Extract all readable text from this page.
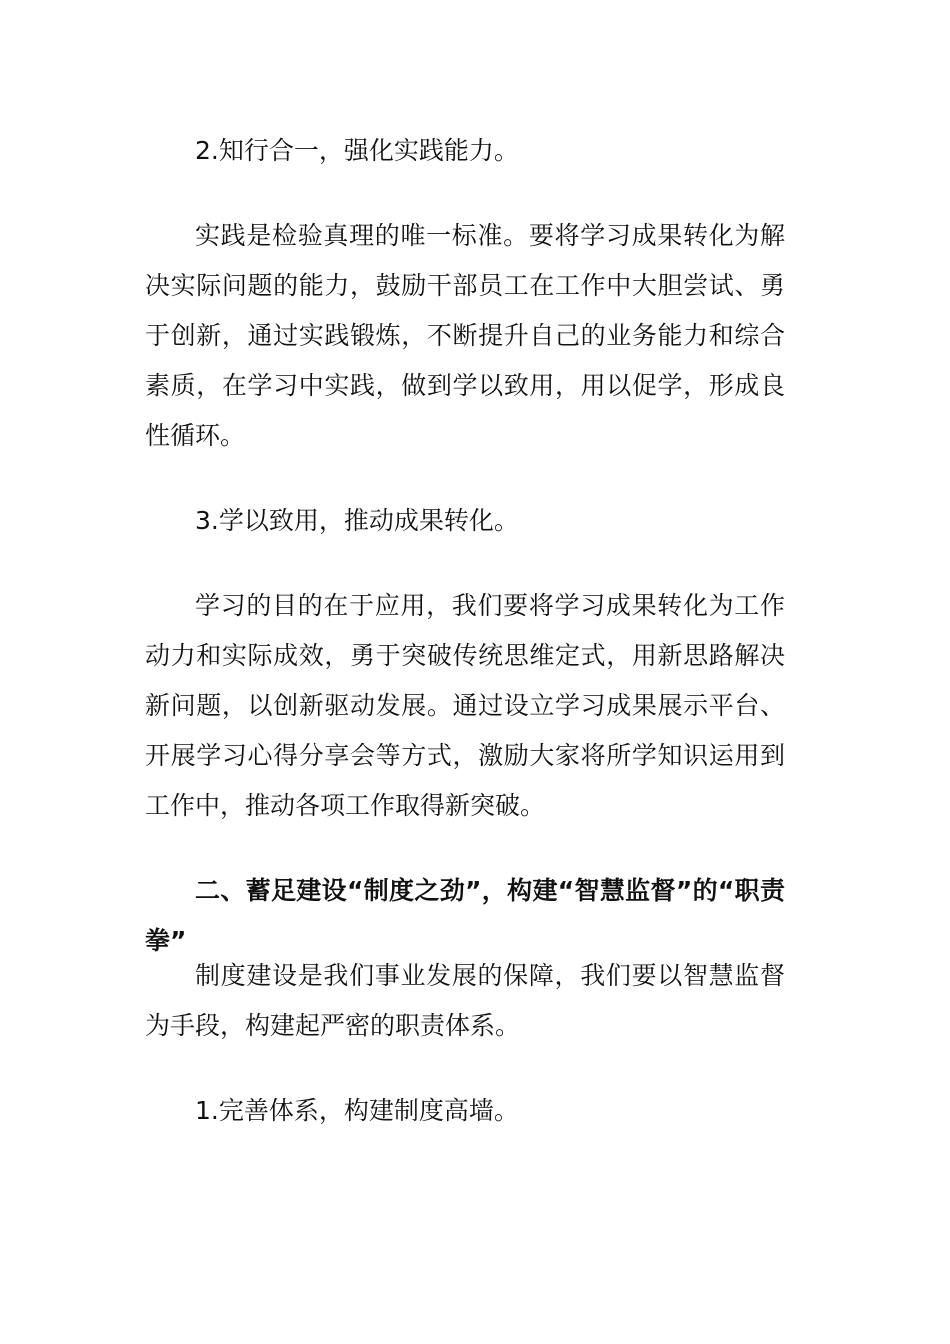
2.知行合一，强化实践能力。

实践是检验真理的唯一标准。要将学习成果转化为解决实际问题的能力，鼓励干部员工在工作中大胆尝试、勇于创新，通过实践锻炼，不断提升自己的业务能力和综合素质，在学习中实践，做到学以致用，用以促学，形成良性循环。

3.学以致用，推动成果转化。

学习的目的在于应用，我们要将学习成果转化为工作动力和实际成效，勇于突破传统思维定式，用新思路解决新问题，以创新驱动发展。通过设立学习成果展示平台、开展学习心得分享会等方式，激励大家将所学知识运用到工作中，推动各项工作取得新突破。

二、蓄足建设“制度之劲”，构建“智慧监督”的“职责拳”

制度建设是我们事业发展的保障，我们要以智慧监督为手段，构建起严密的职责体系。

1.完善体系，构建制度高墙。
